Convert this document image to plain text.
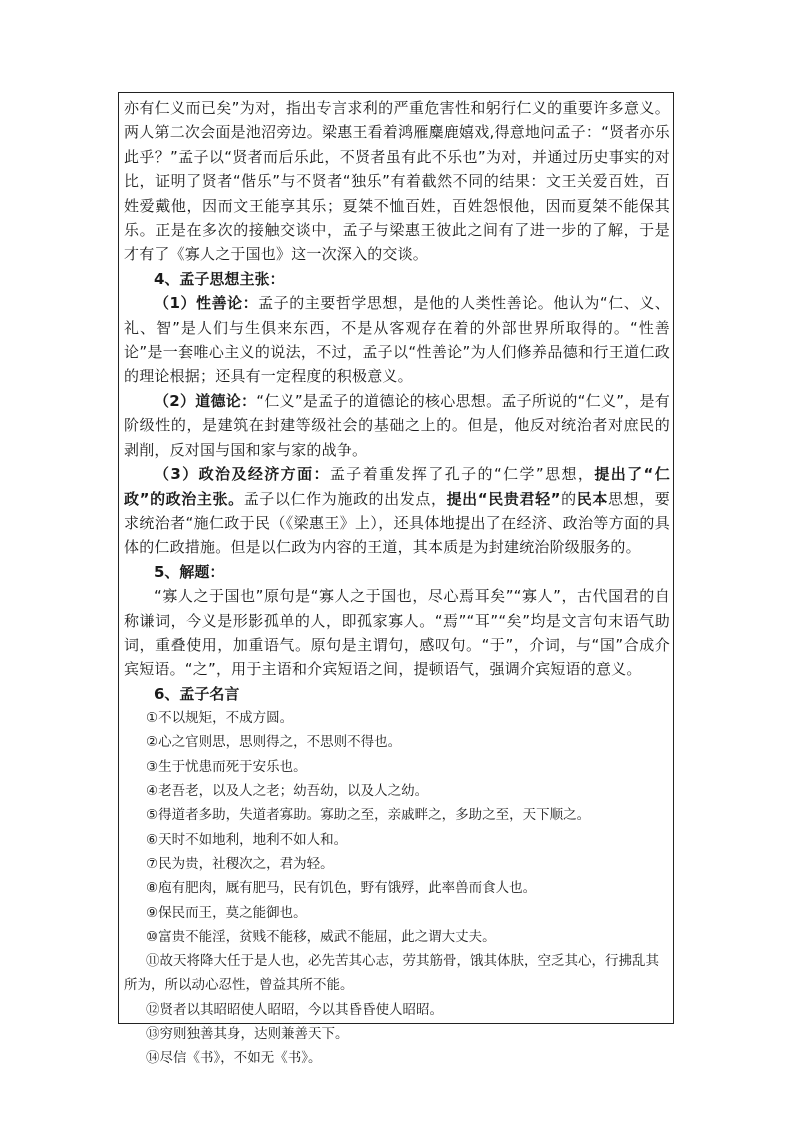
亦有仁义而已矣”为对，指出专言求利的严重危害性和躬行仁义的重要许多意义。两人第二次会面是池沼旁边。梁惠王看着鸿雁麋鹿嬉戏,得意地问孟子：“贤者亦乐此乎？”孟子以“贤者而后乐此，不贤者虽有此不乐也”为对，并通过历史事实的对比，证明了贤者“偕乐”与不贤者“独乐”有着截然不同的结果：文王关爱百姓，百姓爱戴他，因而文王能享其乐；夏桀不恤百姓，百姓怨恨他，因而夏桀不能保其乐。正是在多次的接触交谈中，孟子与梁惠王彼此之间有了进一步的了解，于是才有了《寡人之于国也》这一次深入的交谈。

4、孟子思想主张：

（1）性善论：孟子的主要哲学思想，是他的人类性善论。他认为“仁、义、礼、智”是人们与生俱来东西，不是从客观存在着的外部世界所取得的。“性善论”是一套唯心主义的说法，不过，孟子以“性善论”为人们修养品德和行王道仁政的理论根据；还具有一定程度的积极意义。

（2）道德论：“仁义”是孟子的道德论的核心思想。孟子所说的“仁义”，是有阶级性的，是建筑在封建等级社会的基础之上的。但是，他反对统治者对庶民的剥削，反对国与国和家与家的战争。

（3）政治及经济方面：孟子着重发挥了孔子的“仁学”思想，提出了“仁政”的政治主张。孟子以仁作为施政的出发点，提出“民贵君轻”的民本思想，要求统治者“施仁政于民（《梁惠王》上），还具体地提出了在经济、政治等方面的具体的仁政措施。但是以仁政为内容的王道，其本质是为封建统治阶级服务的。

5、解题：

“寡人之于国也”原句是“寡人之于国也，尽心焉耳矣”“寡人”，古代国君的自称谦词，今义是形影孤单的人，即孤家寡人。“焉”“耳”“矣”均是文言句末语气助词，重叠使用，加重语气。原句是主谓句，感叹句。“于”，介词，与“国”合成介宾短语。“之”，用于主语和介宾短语之间，提顿语气，强调介宾短语的意义。

6、孟子名言

①不以规矩，不成方圆。

②心之官则思，思则得之，不思则不得也。

③生于忧患而死于安乐也。

④老吾老，以及人之老；幼吾幼，以及人之幼。

⑤得道者多助，失道者寡助。寡助之至，亲戚畔之，多助之至，天下顺之。

⑥天时不如地利，地利不如人和。

⑦民为贵，社稷次之，君为轻。

⑧庖有肥肉，厩有肥马，民有饥色，野有饿殍，此率兽而食人也。

⑨保民而王，莫之能御也。

⑩富贵不能淫，贫贱不能移，威武不能屈，此之谓大丈夫。

⑪故天将降大任于是人也，必先苦其心志，劳其筋骨，饿其体肤，空乏其心，行拂乱其所为，所以动心忍性，曾益其所不能。

⑫贤者以其昭昭使人昭昭，今以其昏昏使人昭昭。

⑬穷则独善其身，达则兼善天下。

⑭尽信《书》，不如无《书》。
